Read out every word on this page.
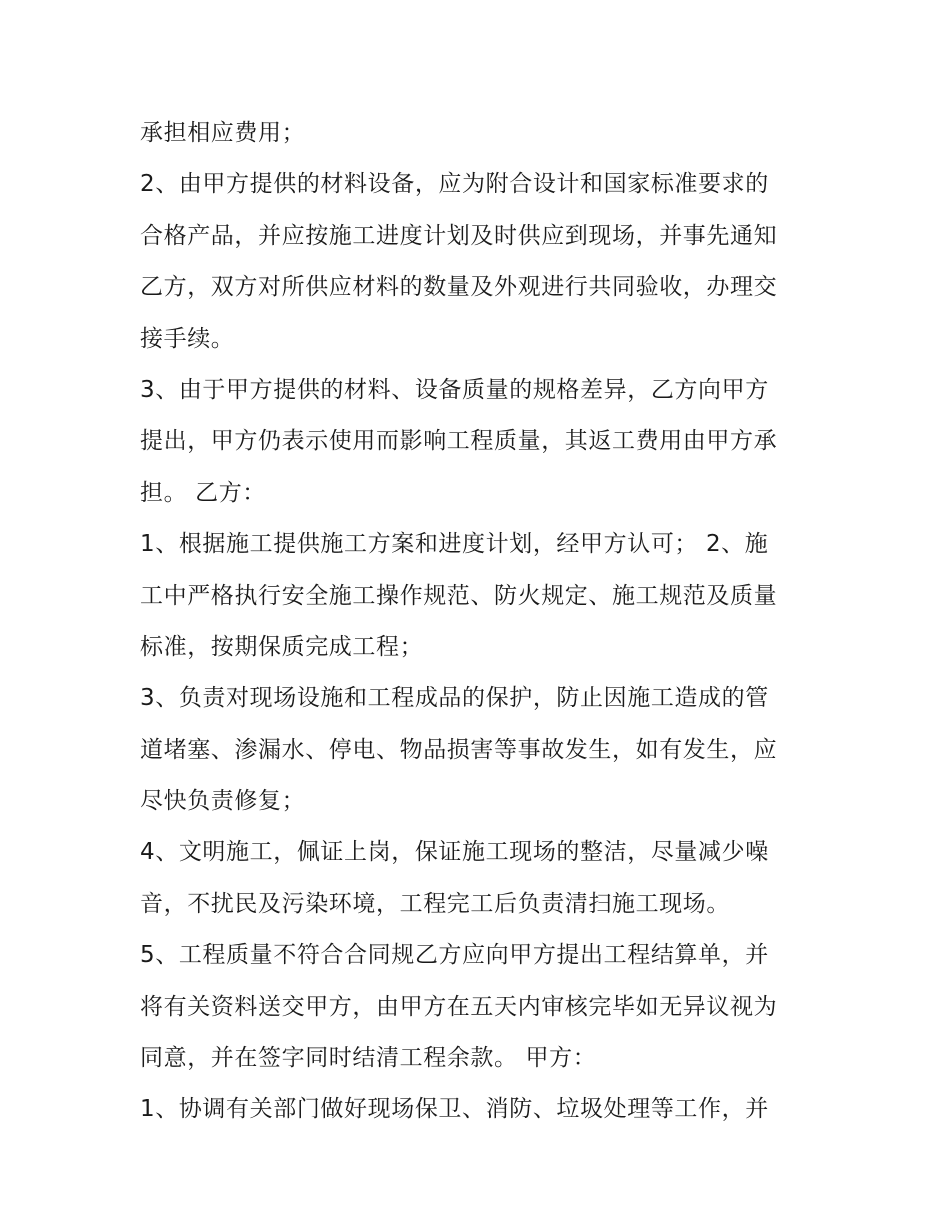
承担相应费用；
2、由甲方提供的材料设备，应为附合设计和国家标准要求的
合格产品，并应按施工进度计划及时供应到现场，并事先通知
乙方，双方对所供应材料的数量及外观进行共同验收，办理交
接手续。
3、由于甲方提供的材料、设备质量的规格差异，乙方向甲方
提出，甲方仍表示使用而影响工程质量，其返工费用由甲方承
担。 乙方：
1、根据施工提供施工方案和进度计划，经甲方认可； 2、施
工中严格执行安全施工操作规范、防火规定、施工规范及质量
标准，按期保质完成工程；
3、负责对现场设施和工程成品的保护，防止因施工造成的管
道堵塞、渗漏水、停电、物品损害等事故发生，如有发生，应
尽快负责修复；
4、文明施工，佩证上岗，保证施工现场的整洁，尽量减少噪
音，不扰民及污染环境，工程完工后负责清扫施工现场。
5、工程质量不符合合同规乙方应向甲方提出工程结算单，并
将有关资料送交甲方，由甲方在五天内审核完毕如无异议视为
同意，并在签字同时结清工程余款。 甲方：
1、协调有关部门做好现场保卫、消防、垃圾处理等工作，并
